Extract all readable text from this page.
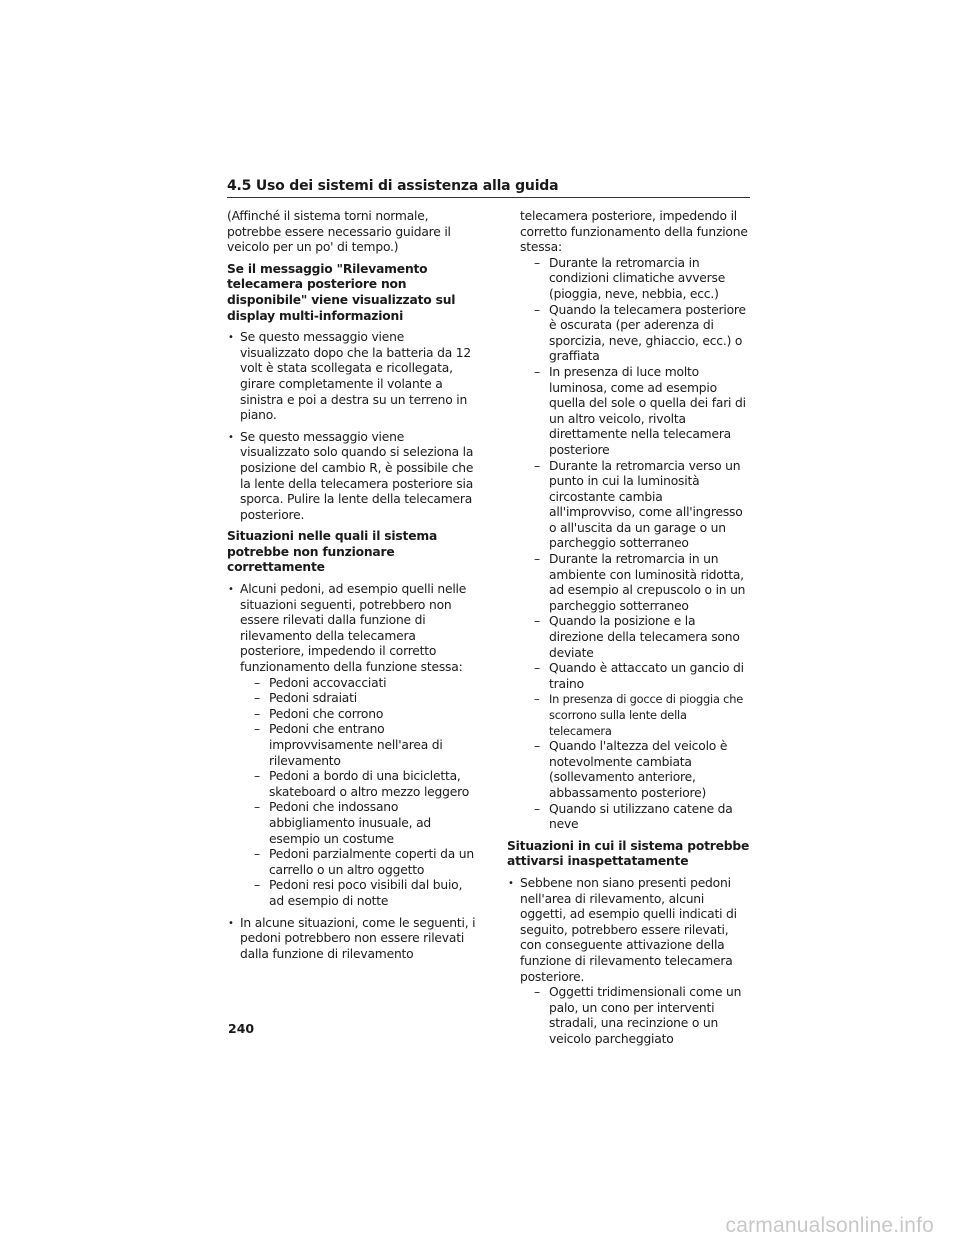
4.5 Uso dei sistemi di assistenza alla guida

(Affinché il sistema torni normale, potrebbe essere necessario guidare il veicolo per un po' di tempo.)

Se il messaggio "Rilevamento telecamera posteriore non disponibile" viene visualizzato sul display multi-informazioni
• Se questo messaggio viene visualizzato dopo che la batteria da 12 volt è stata scollegata e ricollegata, girare completamente il volante a sinistra e poi a destra su un terreno in piano.
• Se questo messaggio viene visualizzato solo quando si seleziona la posizione del cambio R, è possibile che la lente della telecamera posteriore sia sporca. Pulire la lente della telecamera posteriore.
Situazioni nelle quali il sistema potrebbe non funzionare correttamente
• Alcuni pedoni, ad esempio quelli nelle situazioni seguenti, potrebbero non essere rilevati dalla funzione di rilevamento della telecamera posteriore, impedendo il corretto funzionamento della funzione stessa:
– Pedoni accovacciati
– Pedoni sdraiati
– Pedoni che corrono
– Pedoni che entrano improvvisamente nell'area di rilevamento
– Pedoni a bordo di una bicicletta, skateboard o altro mezzo leggero
– Pedoni che indossano abbigliamento inusuale, ad esempio un costume
– Pedoni parzialmente coperti da un carrello o un altro oggetto
– Pedoni resi poco visibili dal buio, ad esempio di notte
• In alcune situazioni, come le seguenti, i pedoni potrebbero non essere rilevati dalla funzione di rilevamento
telecamera posteriore, impedendo il corretto funzionamento della funzione stessa:
– Durante la retromarcia in condizioni climatiche avverse (pioggia, neve, nebbia, ecc.)
– Quando la telecamera posteriore è oscurata (per aderenza di sporcizia, neve, ghiaccio, ecc.) o graffiata
– In presenza di luce molto luminosa, come ad esempio quella del sole o quella dei fari di un altro veicolo, rivolta direttamente nella telecamera posteriore
– Durante la retromarcia verso un punto in cui la luminosità circostante cambia all'improvviso, come all'ingresso o all'uscita da un garage o un parcheggio sotterraneo
– Durante la retromarcia in un ambiente con luminosità ridotta, ad esempio al crepuscolo o in un parcheggio sotterraneo
– Quando la posizione e la direzione della telecamera sono deviate
– Quando è attaccato un gancio di traino
– In presenza di gocce di pioggia che scorrono sulla lente della telecamera
– Quando l'altezza del veicolo è notevolmente cambiata (sollevamento anteriore, abbassamento posteriore)
– Quando si utilizzano catene da neve
Situazioni in cui il sistema potrebbe attivarsi inaspettatamente
• Sebbene non siano presenti pedoni nell'area di rilevamento, alcuni oggetti, ad esempio quelli indicati di seguito, potrebbero essere rilevati, con conseguente attivazione della funzione di rilevamento telecamera posteriore.
– Oggetti tridimensionali come un palo, un cono per interventi stradali, una recinzione o un veicolo parcheggiato
240
carmanualsonline.info
